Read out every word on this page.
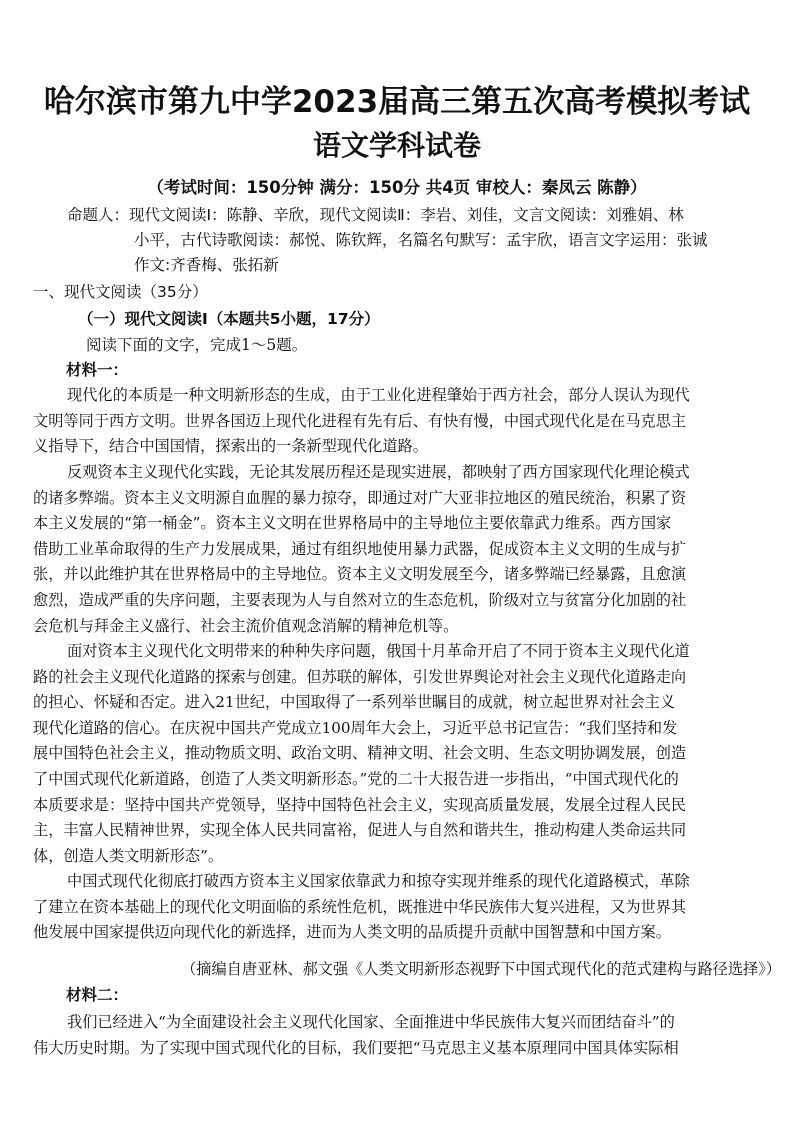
哈尔滨市第九中学2023届高三第五次高考模拟考试
语文学科试卷
（考试时间：150分钟 满分：150分 共4页 审校人：秦凤云 陈静）
命题人：现代文阅读Ⅰ：陈静、辛欣，现代文阅读Ⅱ：李岩、刘佳，文言文阅读：刘雅娟、林
小平，古代诗歌阅读：郝悦、陈钦辉，名篇名句默写：孟宇欣，语言文字运用：张诚
作文:齐香梅、张拓新
一、现代文阅读（35分）
（一）现代文阅读Ⅰ（本题共5小题，17分）
阅读下面的文字，完成1～5题。
材料一：
现代化的本质是一种文明新形态的生成，由于工业化进程肇始于西方社会，部分人误认为现代
文明等同于西方文明。世界各国迈上现代化进程有先有后、有快有慢，中国式现代化是在马克思主
义指导下，结合中国国情，探索出的一条新型现代化道路。
反观资本主义现代化实践，无论其发展历程还是现实进展，都映射了西方国家现代化理论模式
的诸多弊端。资本主义文明源自血腥的暴力掠夺，即通过对广大亚非拉地区的殖民统治，积累了资
本主义发展的“第一桶金”。资本主义文明在世界格局中的主导地位主要依靠武力维系。西方国家
借助工业革命取得的生产力发展成果，通过有组织地使用暴力武器，促成资本主义文明的生成与扩
张，并以此维护其在世界格局中的主导地位。资本主义文明发展至今，诸多弊端已经暴露，且愈演
愈烈，造成严重的失序问题，主要表现为人与自然对立的生态危机，阶级对立与贫富分化加剧的社
会危机与拜金主义盛行、社会主流价值观念消解的精神危机等。
面对资本主义现代化文明带来的种种失序问题，俄国十月革命开启了不同于资本主义现代化道
路的社会主义现代化道路的探索与创建。但苏联的解体，引发世界舆论对社会主义现代化道路走向
的担心、怀疑和否定。进入21世纪，中国取得了一系列举世瞩目的成就，树立起世界对社会主义
现代化道路的信心。在庆祝中国共产党成立100周年大会上，习近平总书记宣告：“我们坚持和发
展中国特色社会主义，推动物质文明、政治文明、精神文明、社会文明、生态文明协调发展，创造
了中国式现代化新道路，创造了人类文明新形态。”党的二十大报告进一步指出，“中国式现代化的
本质要求是：坚持中国共产党领导，坚持中国特色社会主义，实现高质量发展，发展全过程人民民
主，丰富人民精神世界，实现全体人民共同富裕，促进人与自然和谐共生，推动构建人类命运共同
体，创造人类文明新形态”。
中国式现代化彻底打破西方资本主义国家依靠武力和掠夺实现并维系的现代化道路模式，革除
了建立在资本基础上的现代化文明面临的系统性危机，既推进中华民族伟大复兴进程，又为世界其
他发展中国家提供迈向现代化的新选择，进而为人类文明的品质提升贡献中国智慧和中国方案。
（摘编自唐亚林、郝文强《人类文明新形态视野下中国式现代化的范式建构与路径选择》）
材料二：
我们已经进入“为全面建设社会主义现代化国家、全面推进中华民族伟大复兴而团结奋斗”的
伟大历史时期。为了实现中国式现代化的目标，我们要把“马克思主义基本原理同中国具体实际相
